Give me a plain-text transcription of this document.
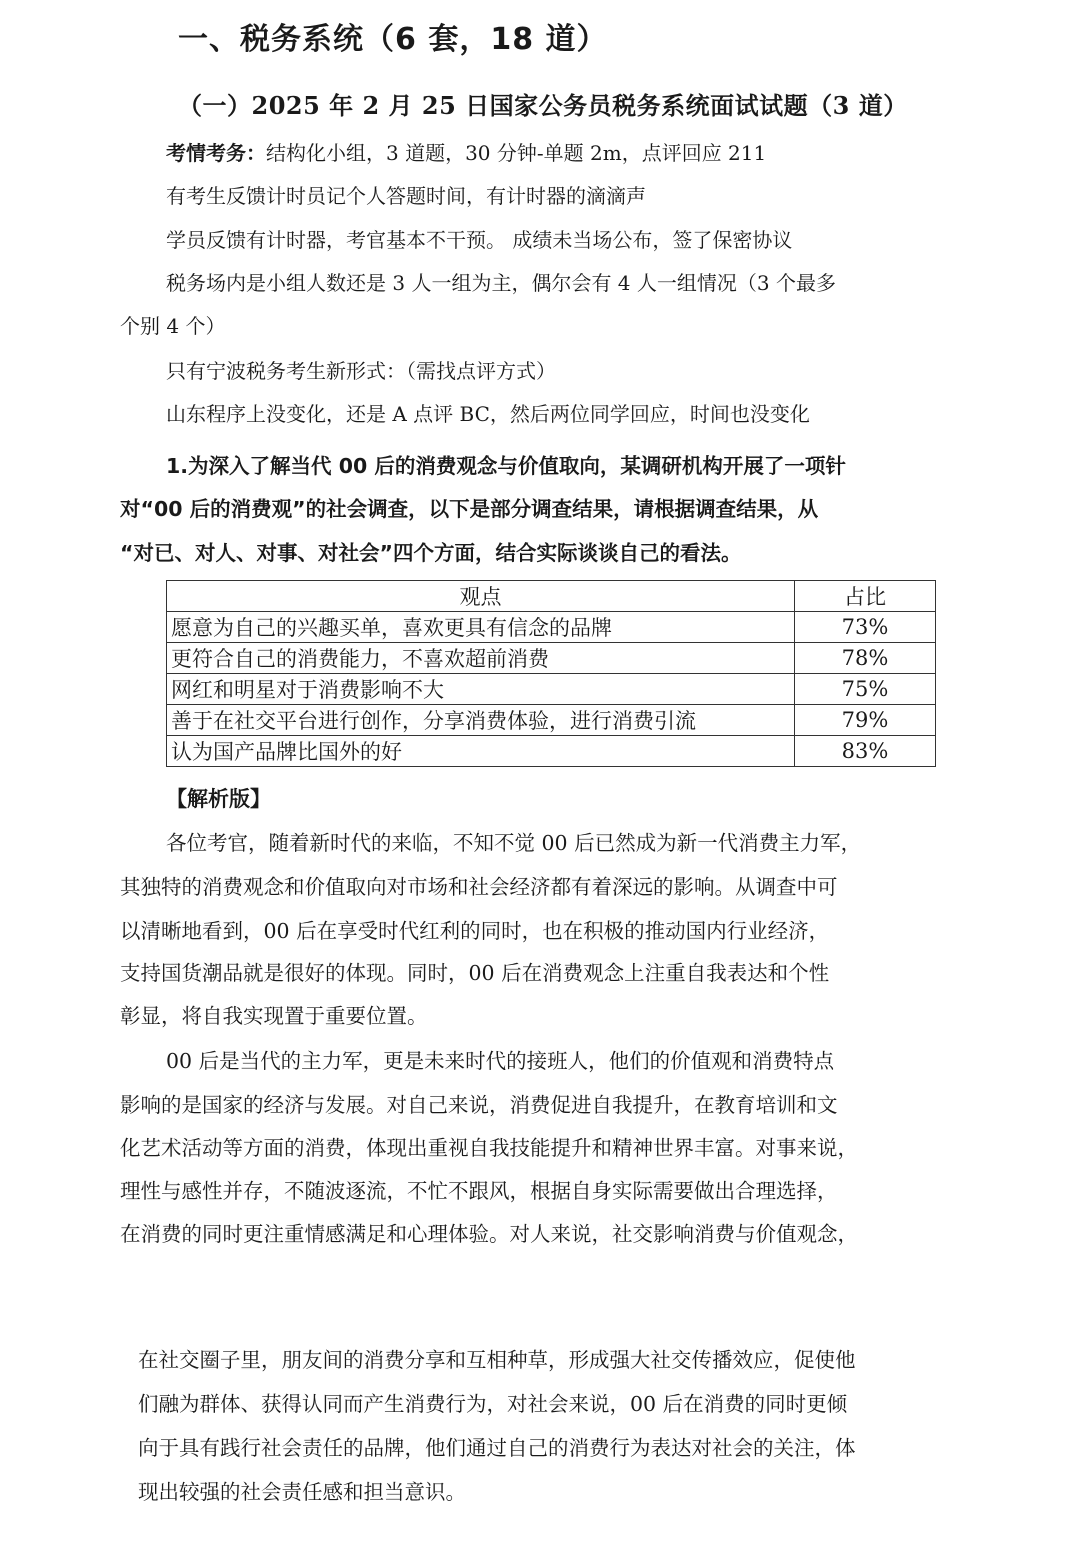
一、税务系统（6 套，18 道）
（一）2025 年 2 月 25 日国家公务员税务系统面试试题（3 道）
考情考务：结构化小组，3 道题，30 分钟-单题 2m，点评回应 211
有考生反馈计时员记个人答题时间，有计时器的滴滴声
学员反馈有计时器，考官基本不干预。 成绩未当场公布，签了保密协议
税务场内是小组人数还是 3 人一组为主，偶尔会有 4 人一组情况（3 个最多
个别 4 个）
只有宁波税务考生新形式：（需找点评方式）
山东程序上没变化，还是 A 点评 BC，然后两位同学回应，时间也没变化
1.为深入了解当代 00 后的消费观念与价值取向，某调研机构开展了一项针
对“00 后的消费观”的社会调查，以下是部分调查结果，请根据调查结果，从
“对已、对人、对事、对社会”四个方面，结合实际谈谈自己的看法。
观点	占比
愿意为自己的兴趣买单，喜欢更具有信念的品牌	73%
更符合自己的消费能力，不喜欢超前消费	78%
网红和明星对于消费影响不大	75%
善于在社交平台进行创作，分享消费体验，进行消费引流	79%
认为国产品牌比国外的好	83%
【解析版】
各位考官，随着新时代的来临，不知不觉 00 后已然成为新一代消费主力军，
其独特的消费观念和价值取向对市场和社会经济都有着深远的影响。从调查中可
以清晰地看到，00 后在享受时代红利的同时，也在积极的推动国内行业经济，
支持国货潮品就是很好的体现。同时，00 后在消费观念上注重自我表达和个性
彰显，将自我实现置于重要位置。
00 后是当代的主力军，更是未来时代的接班人，他们的价值观和消费特点
影响的是国家的经济与发展。对自己来说，消费促进自我提升，在教育培训和文
化艺术活动等方面的消费，体现出重视自我技能提升和精神世界丰富。对事来说，
理性与感性并存，不随波逐流，不忙不跟风，根据自身实际需要做出合理选择，
在消费的同时更注重情感满足和心理体验。对人来说，社交影响消费与价值观念，
在社交圈子里，朋友间的消费分享和互相种草，形成强大社交传播效应，促使他
们融为群体、获得认同而产生消费行为，对社会来说，00 后在消费的同时更倾
向于具有践行社会责任的品牌，他们通过自己的消费行为表达对社会的关注，体
现出较强的社会责任感和担当意识。
